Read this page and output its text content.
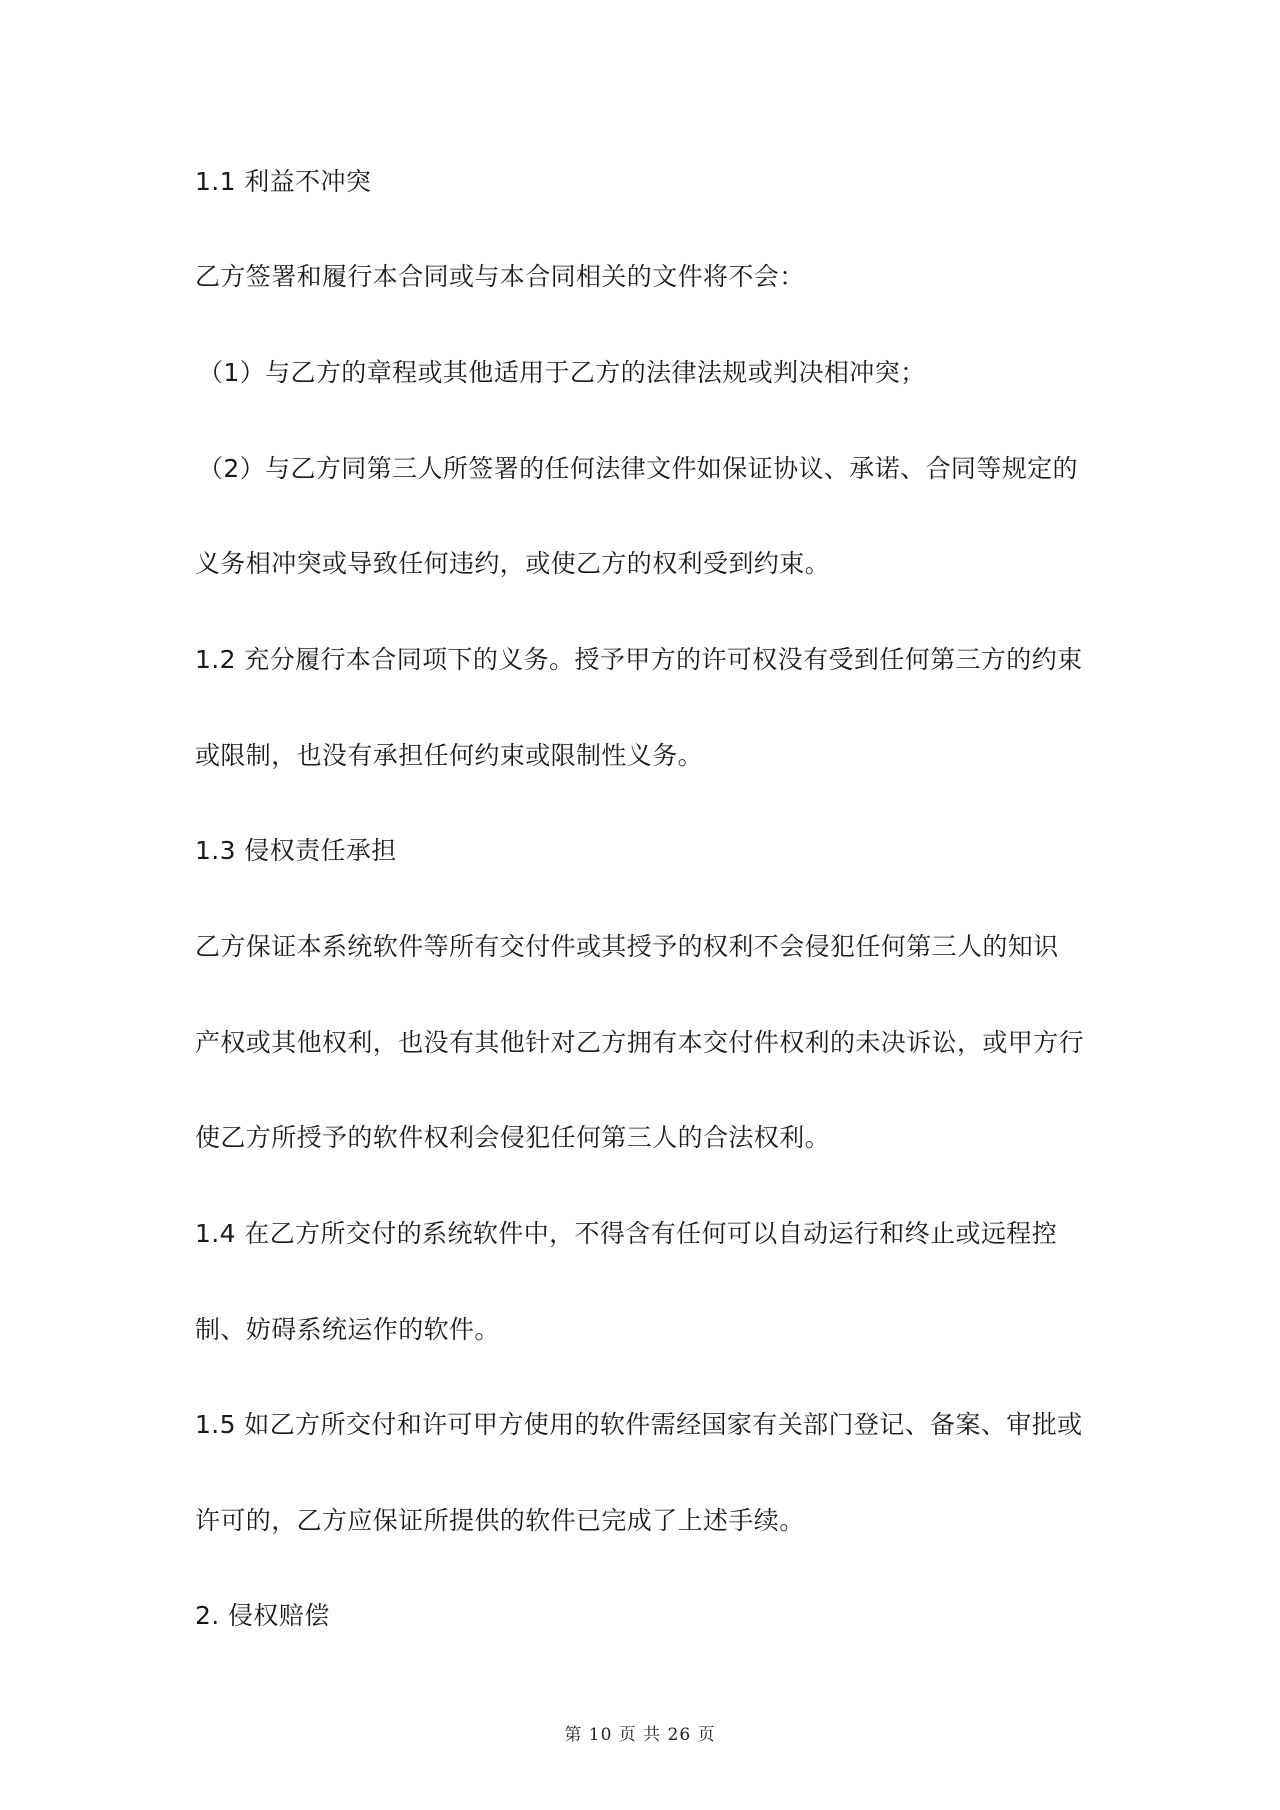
1.1 利益不冲突
乙方签署和履行本合同或与本合同相关的文件将不会：
（1）与乙方的章程或其他适用于乙方的法律法规或判决相冲突；
（2）与乙方同第三人所签署的任何法律文件如保证协议、承诺、合同等规定的
义务相冲突或导致任何违约，或使乙方的权利受到约束。
1.2 充分履行本合同项下的义务。授予甲方的许可权没有受到任何第三方的约束
或限制，也没有承担任何约束或限制性义务。
1.3 侵权责任承担
乙方保证本系统软件等所有交付件或其授予的权利不会侵犯任何第三人的知识
产权或其他权利，也没有其他针对乙方拥有本交付件权利的未决诉讼，或甲方行
使乙方所授予的软件权利会侵犯任何第三人的合法权利。
1.4 在乙方所交付的系统软件中，不得含有任何可以自动运行和终止或远程控
制、妨碍系统运作的软件。
1.5 如乙方所交付和许可甲方使用的软件需经国家有关部门登记、备案、审批或
许可的，乙方应保证所提供的软件已完成了上述手续。
2. 侵权赔偿
第 10 页 共 26 页
